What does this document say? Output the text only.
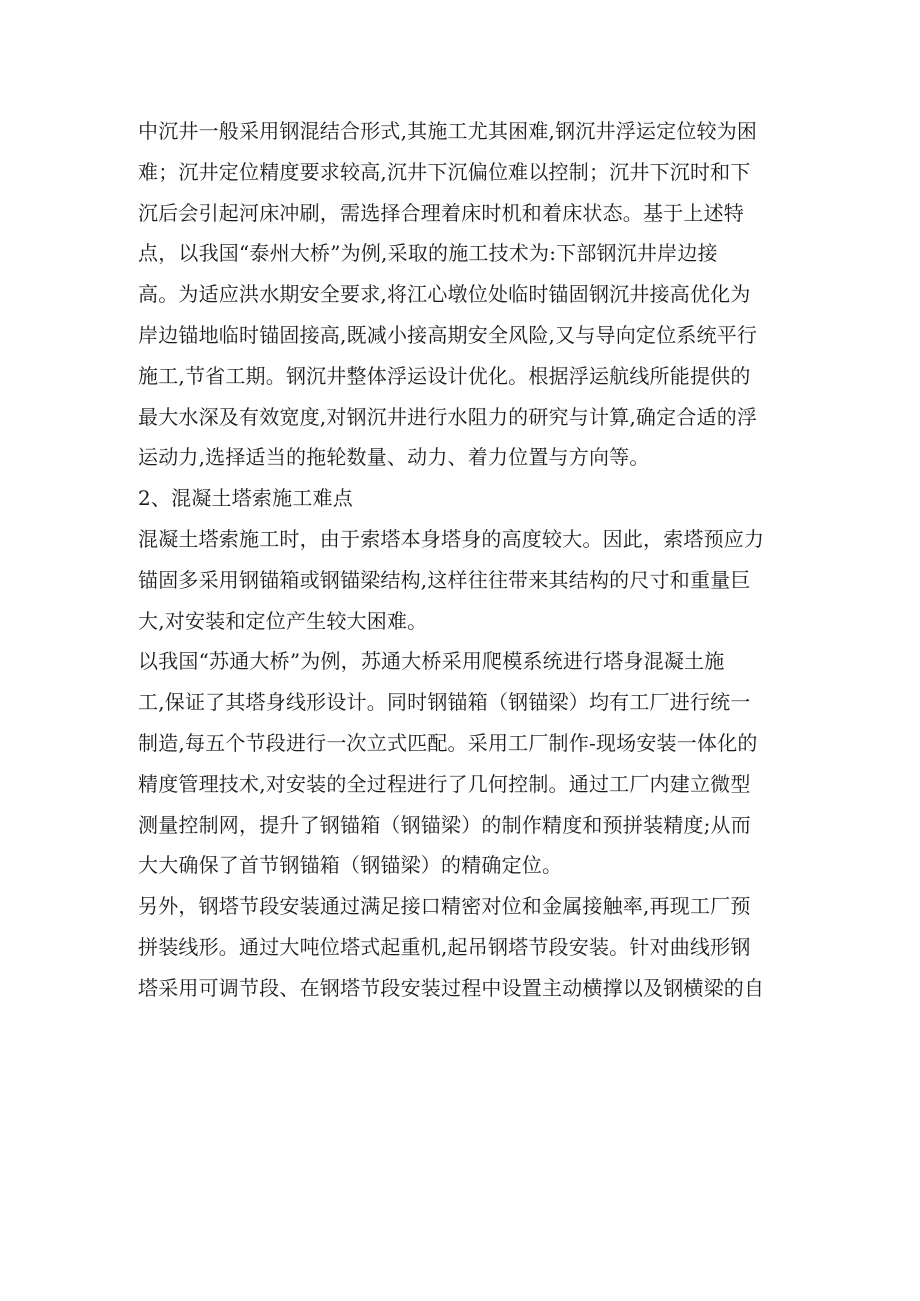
中沉井一般采用钢混结合形式,其施工尤其困难,钢沉井浮运定位较为困
难；沉井定位精度要求较高,沉井下沉偏位难以控制；沉井下沉时和下
沉后会引起河床冲刷，需选择合理着床时机和着床状态。基于上述特
点，以我国“泰州大桥”为例,采取的施工技术为:下部钢沉井岸边接
高。为适应洪水期安全要求,将江心墩位处临时锚固钢沉井接高优化为
岸边锚地临时锚固接高,既减小接高期安全风险,又与导向定位系统平行
施工,节省工期。钢沉井整体浮运设计优化。根据浮运航线所能提供的
最大水深及有效宽度,对钢沉井进行水阻力的研究与计算,确定合适的浮
运动力,选择适当的拖轮数量、动力、着力位置与方向等。
2、混凝土塔索施工难点
混凝土塔索施工时，由于索塔本身塔身的高度较大。因此，索塔预应力
锚固多采用钢锚箱或钢锚梁结构,这样往往带来其结构的尺寸和重量巨
大,对安装和定位产生较大困难。
以我国“苏通大桥”为例，苏通大桥采用爬模系统进行塔身混凝土施
工,保证了其塔身线形设计。同时钢锚箱（钢锚梁）均有工厂进行统一
制造,每五个节段进行一次立式匹配。采用工厂制作-现场安装一体化的
精度管理技术,对安装的全过程进行了几何控制。通过工厂内建立微型
测量控制网，提升了钢锚箱（钢锚梁）的制作精度和预拼装精度;从而
大大确保了首节钢锚箱（钢锚梁）的精确定位。
另外，钢塔节段安装通过满足接口精密对位和金属接触率,再现工厂预
拼装线形。通过大吨位塔式起重机,起吊钢塔节段安装。针对曲线形钢
塔采用可调节段、在钢塔节段安装过程中设置主动横撑以及钢横梁的自
